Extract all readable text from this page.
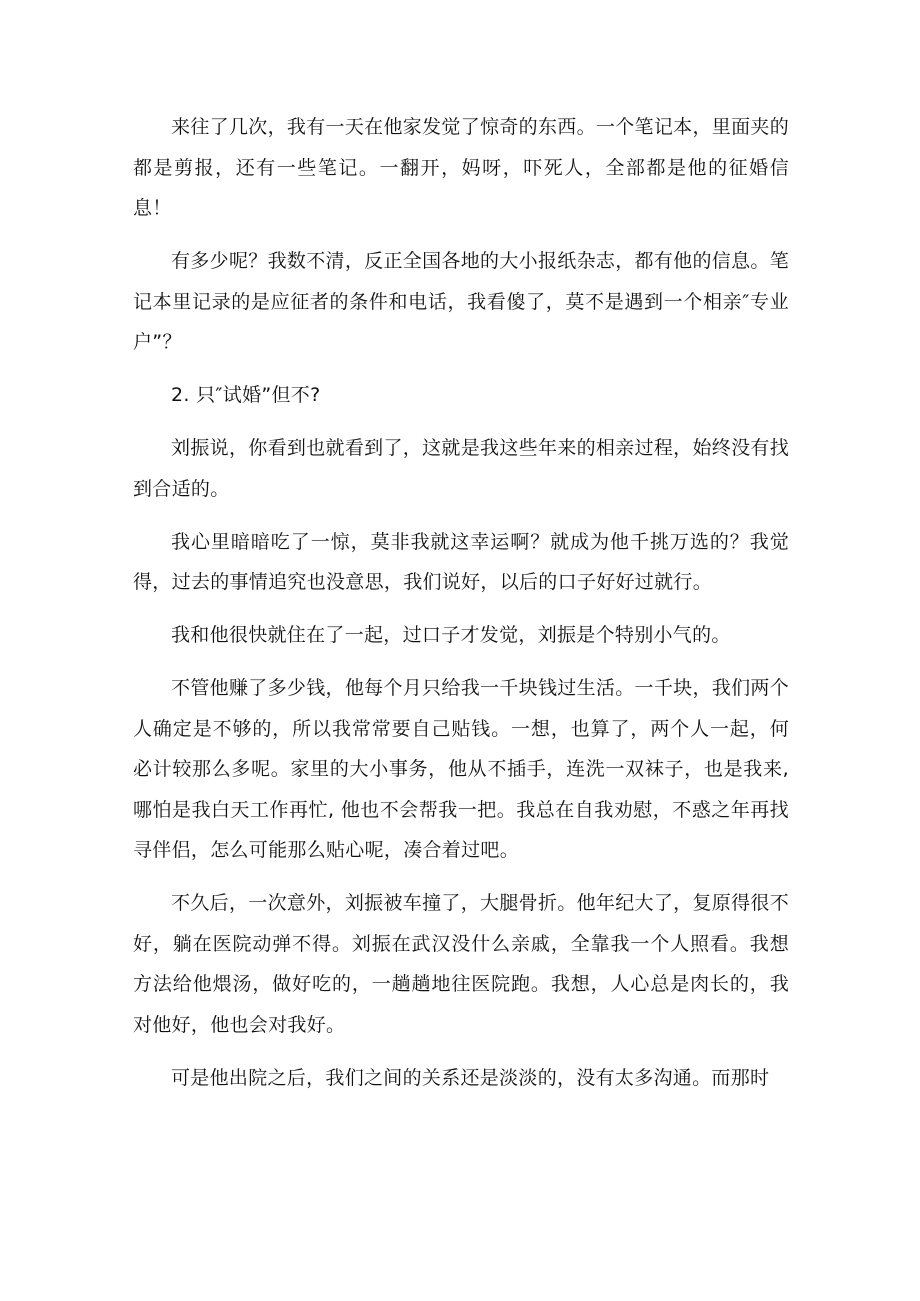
来往了几次，我有一天在他家发觉了惊奇的东西。一个笔记本，里面夹的都是剪报，还有一些笔记。一翻开，妈呀，吓死人，全部都是他的征婚信息！

有多少呢？我数不清，反正全国各地的大小报纸杂志，都有他的信息。笔记本里记录的是应征者的条件和电话，我看傻了，莫不是遇到一个相亲″专业户”？

2. 只″试婚”但不?

刘振说，你看到也就看到了，这就是我这些年来的相亲过程，始终没有找到合适的。

我心里暗暗吃了一惊，莫非我就这幸运啊？就成为他千挑万选的？我觉得，过去的事情追究也没意思，我们说好，以后的口子好好过就行。

我和他很快就住在了一起，过口子才发觉，刘振是个特别小气的。

不管他赚了多少钱，他每个月只给我一千块钱过生活。一千块，我们两个人确定是不够的，所以我常常要自己贴钱。一想，也算了，两个人一起，何必计较那么多呢。家里的大小事务，他从不插手，连洗一双袜子，也是我来, 哪怕是我白天工作再忙, 他也不会帮我一把。我总在自我劝慰，不惑之年再找寻伴侣，怎么可能那么贴心呢，凑合着过吧。

不久后，一次意外，刘振被车撞了，大腿骨折。他年纪大了，复原得很不好，躺在医院动弹不得。刘振在武汉没什么亲戚，全靠我一个人照看。我想方法给他煨汤，做好吃的，一趟趟地往医院跑。我想，人心总是肉长的，我对他好，他也会对我好。

可是他出院之后，我们之间的关系还是淡淡的，没有太多沟通。而那时
